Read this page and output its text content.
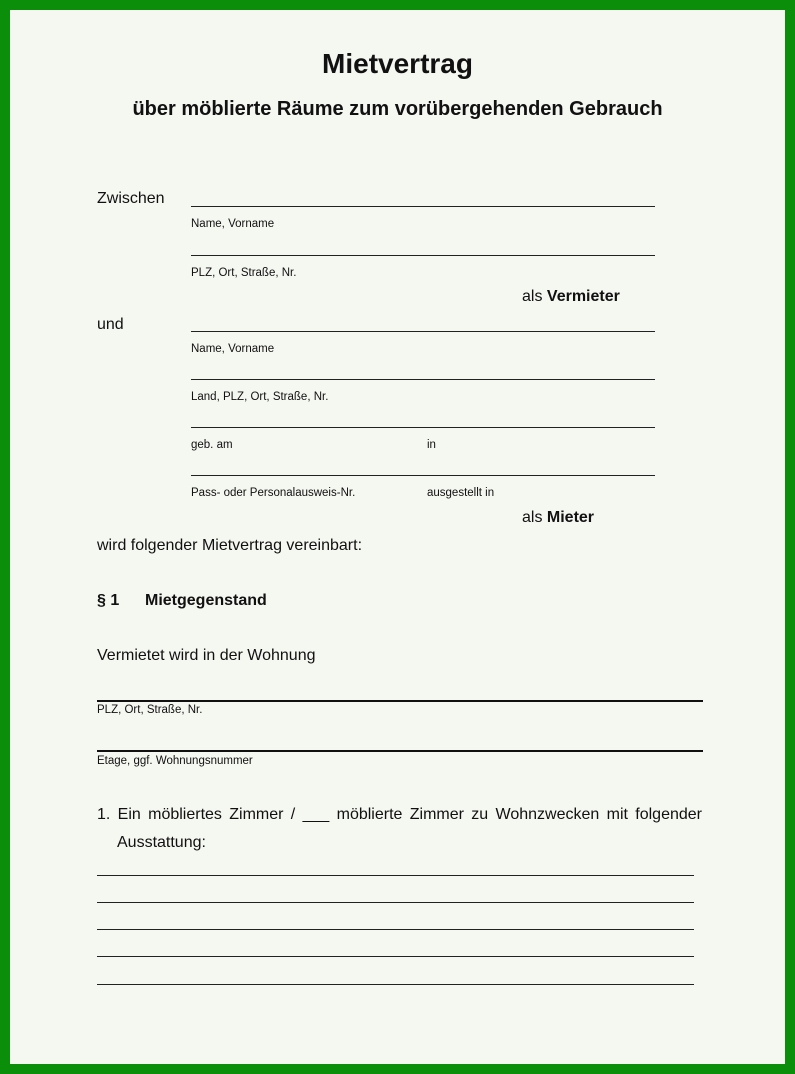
Mietvertrag
über möblierte Räume zum vorübergehenden Gebrauch
Zwischen
Name, Vorname
PLZ, Ort, Straße, Nr.
als Vermieter
und
Name, Vorname
Land, PLZ, Ort, Straße, Nr.
geb. am	in
Pass- oder Personalausweis-Nr.	ausgestellt in
als Mieter
wird folgender Mietvertrag vereinbart:
§ 1 Mietgegenstand
Vermietet wird in der Wohnung
PLZ, Ort, Straße, Nr.
Etage, ggf. Wohnungsnummer
1. Ein möbliertes Zimmer / ___ möblierte Zimmer zu Wohnzwecken mit folgender
Ausstattung:
